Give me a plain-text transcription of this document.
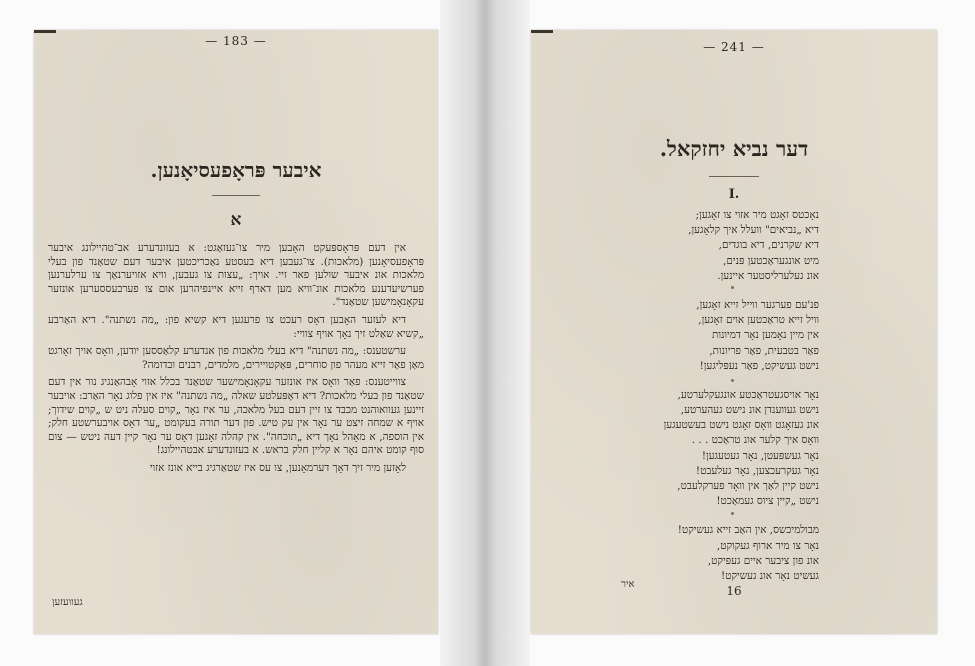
— 183 —
איבער פּראָפעסיאָנען.
א

אין דעם פּראָספּעקט האָבען מיר צו־געזאַגט: א בעזונדערע אב־טהיילונג איבער פּראָפעסיאָנען (מלאכות). צו־געבען דיא בעסטע נאַכריכטען איבער דעם שטאַנד פון בעלי מלאכות אונ איבער שולען פאר זיי. אויך: „עצות צו געבען, וויא אזויערנאַך צו ערלערנען פערשיעדענע מלאכות אונ־וויא מען דארף זייא איינפיהרען אום צו פערבעססערען אונזער עקאָנאָמישען שטאַנד".

דיא לעזער האָבען דאָס רעכט צו פרעגען דיא קשיא פון: „מה נשתנה". דיא האַרבע „קשיא שאַלט זיך נאָך אויף צוויי:

ערשטענס: „מה נשתנה" דיא בעלי מלאכות פון אנדערע קלאַססען יודען, וואָס אויך זאָרגט מאַן פאַר זייא מעהר פון סוחרים, פּאַקטויירים, מלמדים, רבנים ובדומה?

צווייטענס: פאַר וואָס איז אונזער עקאָנאָמישער שטאַנד בכלל אזוי אָבהאַנגיג נור אין דעם שטאַנד פון בעלי מלאכות? דיא דאָפּעלטע שאלה „מה נשתנה" איז אין פלוג נאָר האַרב: אויבער זיינען געוואוהנט מכבד צו זיין דעם בעל מלאכה, ער איז נאָר „קוים סעלה ניט ש „קוים שידוך; אויף א שמחה זיצט ער נאָר אין עק טיש. פון דער תורה בעקומט „ער דאָס אויבערשטע חלק; אין הוספה, א מאָהל נאָך דיא „תוכחה". אין קהלה זאָגען דאָס ער נאָר קיין דעה ניטש — צום סוף קומט איהם נאָר א קליין חלק בראש. א בעזונדערע אבטהיילונג!

לאָזען מיר זיך דאָך דערמאָנען, צו עס איז שטאַרגיג בייא אונז אזוי

געוועזען
— 241 —
דער נביא יחזקאל.
I.
נאָכטס זאָגט מיר אזוי צו זאָגען;
דיא „נביאים" וועלל איך קלאָגען,
דיא שקרנים, דיא בוגדים,
מיט אונגעראַכטען פּנים,
אונ געלערליסטער איינען.
פנ'עם פערגער ווייל זייא זאָגען,
וויל זייא טראַכטען אוים זאָגען,
אין מיין נאָמען נאָר דמיונות
פאַר בטבעית, פאַר פריונות,
נישט געשיקט, פאַר נעפּליגען!
נאָר אויסגעטראַכטע אונגעקלערטע,
נישט געווענדן אונ נישט געהערטע,
אונ געזאָגט וואָס זאָגט נישט בעשטעגען
וואָס איך קלער אונ טראַכט . . .
נאָר געשפּעטן, נאָר געטעגען!
נאָר געקרעכצען, נאָר געלעבט!
נישט קיין לאַך אין וואָר פערקלעבט,
נישט „קיין ציוס געמאַכט!
מבולמיכשס, אין האַב זייא געשיקט!
נאָר צו מיר ארוף געקוקט,
אונ פון ציבער איים געפּיקט,
געשיט נאָר אונ געשיקט!
איר	16
